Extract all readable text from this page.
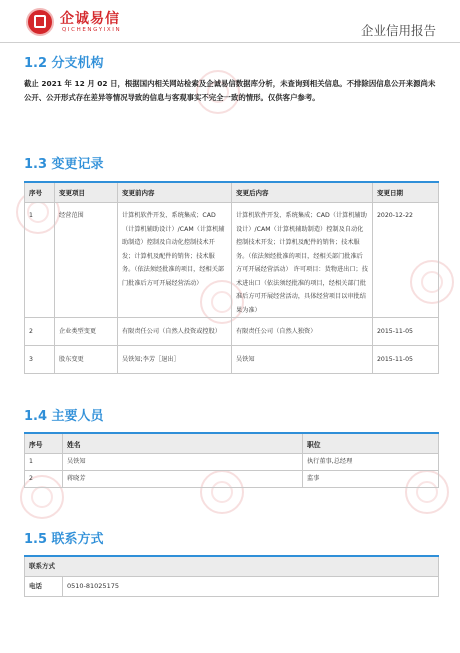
企诚易信
QICHENGYIXIN	企业信用报告
1.2 分支机构
截止 2021 年 12 月 02 日，根据国内相关网站检索及企诚易信数据库分析，未查询到相关信息。不排除因信息公开来源尚未公开、公开形式存在差异等情况导致的信息与客观事实不完全一致的情形。仅供客户参考。
1.3 变更记录
序号	变更项目	变更前内容	变更后内容	变更日期
1	经营范围	计算机软件开发、系统集成；CAD（计算机辅助设计）/CAM（计算机辅助制造）控制及自动化控制技术开发；计算机及配件的销售；技术服务。（依法须经批准的项目，经相关部门批准后方可开展经营活动）	计算机软件开发、系统集成；CAD（计算机辅助设计）/CAM（计算机辅助制造）控制及自动化控制技术开发；计算机及配件的销售；技术服务。（依法须经批准的项目，经相关部门批准后方可开展经营活动） 许可项目：货物进出口；技术进出口（依法须经批准的项目，经相关部门批准后方可开展经营活动，具体经营项目以审批结果为准）	2020-12-22
2	企业类型变更	有限责任公司（自然人投资或控股）	有限责任公司（自然人独资）	2015-11-05
3	股东变更	吴铁知;李芳［退出］	吴铁知	2015-11-05
1.4 主要人员
序号	姓名	职位
1	吴铁知	执行董事,总经理
2	蒋晓芳	监事
1.5 联系方式
联系方式
电话	0510-81025175
